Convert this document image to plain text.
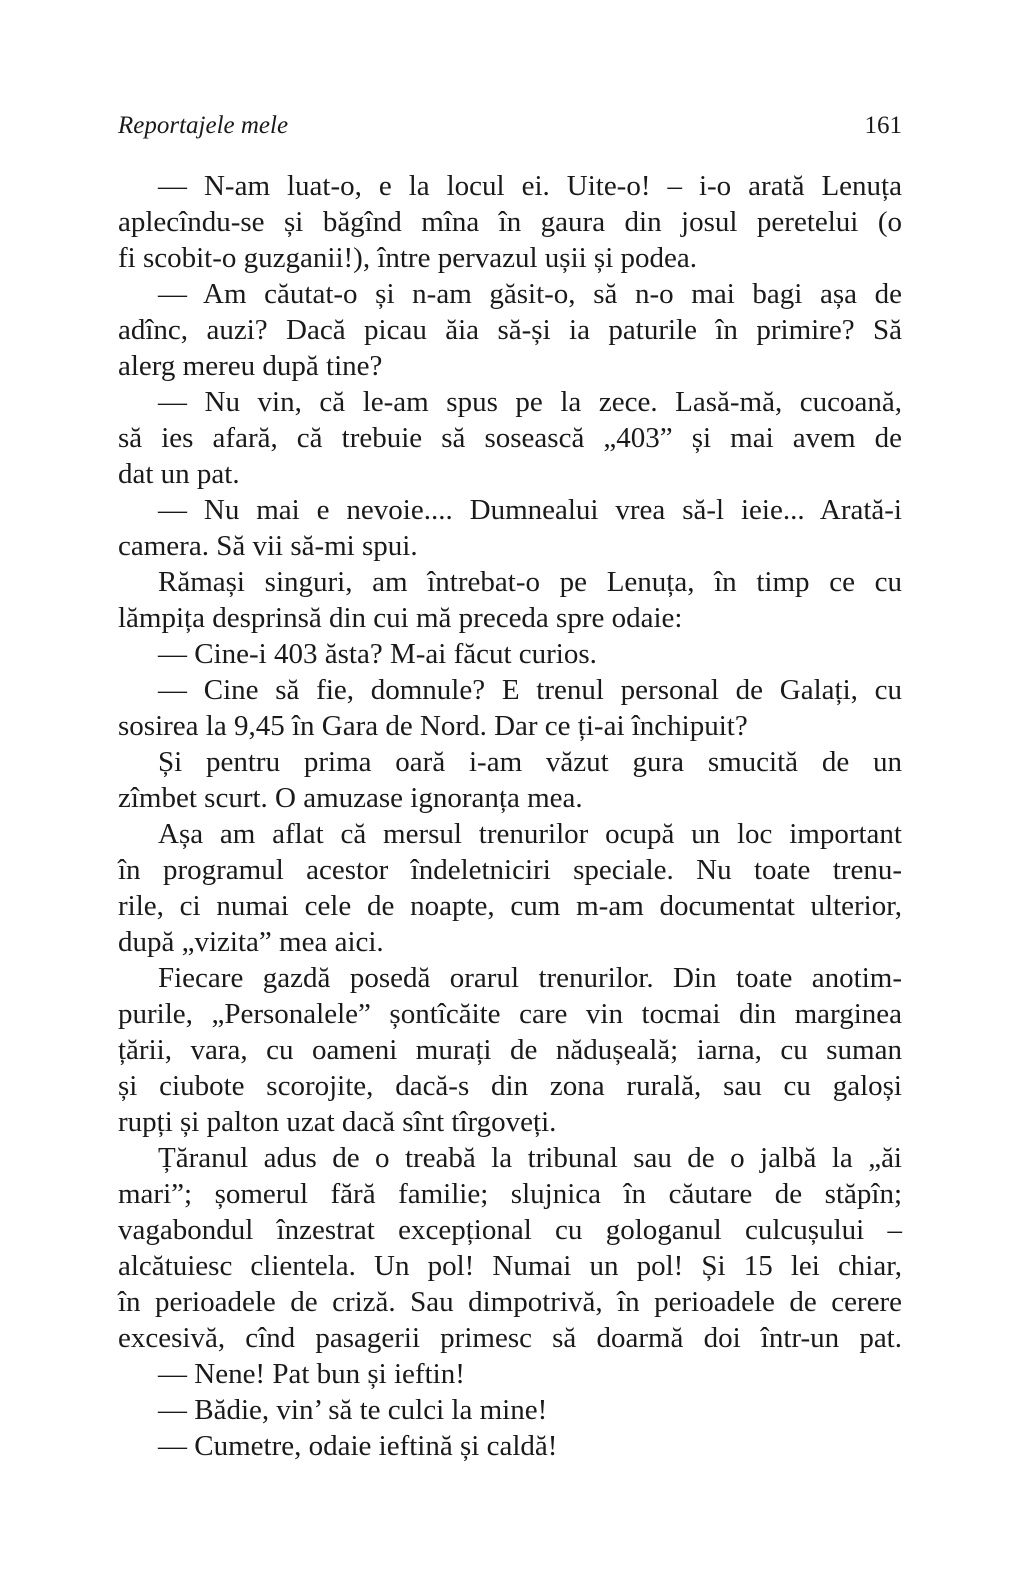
Reportajele mele	161
— N-am luat-o, e la locul ei. Uite-o! – i-o arată Lenuța
aplecîndu-se și băgînd mîna în gaura din josul peretelui (o
fi scobit-o guzganii!), între pervazul ușii și podea.
— Am căutat-o și n-am găsit-o, să n-o mai bagi așa de
adînc, auzi? Dacă picau ăia să-și ia paturile în primire? Să
alerg mereu după tine?
— Nu vin, că le-am spus pe la zece. Lasă-mă, cucoană,
să ies afară, că trebuie să sosească „403” și mai avem de
dat un pat.
— Nu mai e nevoie.... Dumnealui vrea să-l ieie... Arată-i
camera. Să vii să-mi spui.
Rămași singuri, am întrebat-o pe Lenuța, în timp ce cu
lămpița desprinsă din cui mă preceda spre odaie:
— Cine-i 403 ăsta? M-ai făcut curios.
— Cine să fie, domnule? E trenul personal de Galați, cu
sosirea la 9,45 în Gara de Nord. Dar ce ți-ai închipuit?
Și pentru prima oară i-am văzut gura smucită de un
zîmbet scurt. O amuzase ignoranța mea.
Așa am aflat că mersul trenurilor ocupă un loc important
în programul acestor îndeletniciri speciale. Nu toate trenu-
rile, ci numai cele de noapte, cum m-am documentat ulterior,
după „vizita” mea aici.
Fiecare gazdă posedă orarul trenurilor. Din toate anotim-
purile, „Personalele” șontîcăite care vin tocmai din marginea
țării, vara, cu oameni murați de nădușeală; iarna, cu suman
și ciubote scorojite, dacă-s din zona rurală, sau cu galoși
rupți și palton uzat dacă sînt tîrgoveți.
Țăranul adus de o treabă la tribunal sau de o jalbă la „ăi
mari”; șomerul fără familie; slujnica în căutare de stăpîn;
vagabondul înzestrat excepțional cu gologanul culcușului –
alcătuiesc clientela. Un pol! Numai un pol! Și 15 lei chiar,
în perioadele de criză. Sau dimpotrivă, în perioadele de cerere
excesivă, cînd pasagerii primesc să doarmă doi într-un pat.
— Nene! Pat bun și ieftin!
— Bădie, vin’ să te culci la mine!
— Cumetre, odaie ieftină și caldă!
